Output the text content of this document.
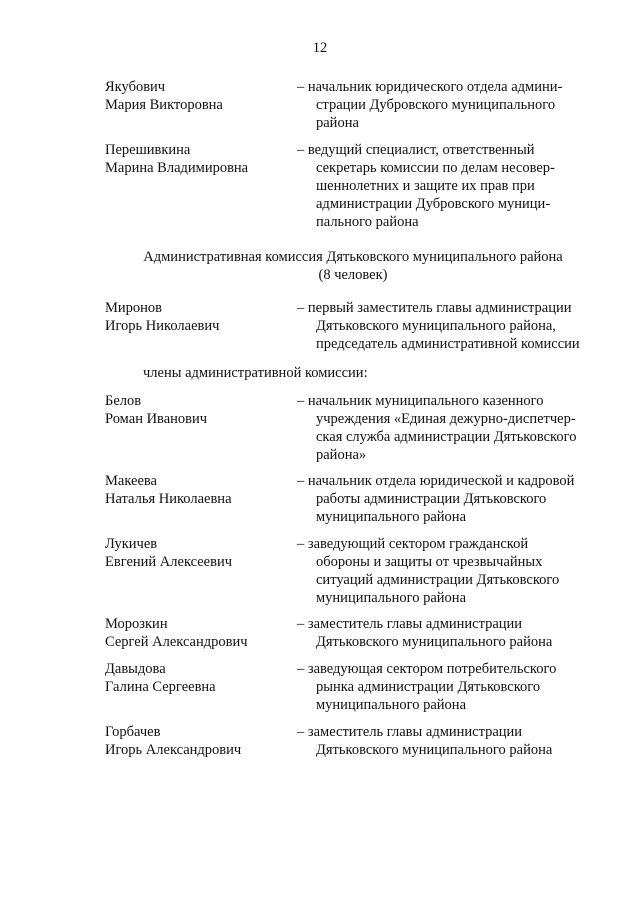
12
Якубович
Мария Викторовна
– начальник юридического отдела админи-
страции Дубровского муниципального
района
Перешивкина
Марина Владимировна
– ведущий специалист, ответственный
секретарь комиссии по делам несовер-
шеннолетних и защите их прав при
администрации Дубровского муници-
пального района
Административная комиссия Дятьковского муниципального района
(8 человек)
Миронов
Игорь Николаевич
– первый заместитель главы администрации
Дятьковского муниципального района,
председатель административной комиссии
члены административной комиссии:
Белов
Роман Иванович
– начальник муниципального казенного
учреждения «Единая дежурно-диспетчер-
ская служба администрации Дятьковского
района»
Макеева
Наталья Николаевна
– начальник отдела юридической и кадровой
работы администрации Дятьковского
муниципального района
Лукичев
Евгений Алексеевич
– заведующий сектором гражданской
обороны и защиты от чрезвычайных
ситуаций администрации Дятьковского
муниципального района
Морозкин
Сергей Александрович
– заместитель главы администрации
Дятьковского муниципального района
Давыдова
Галина Сергеевна
– заведующая сектором потребительского
рынка администрации Дятьковского
муниципального района
Горбачев
Игорь Александрович
– заместитель главы администрации
Дятьковского муниципального района
